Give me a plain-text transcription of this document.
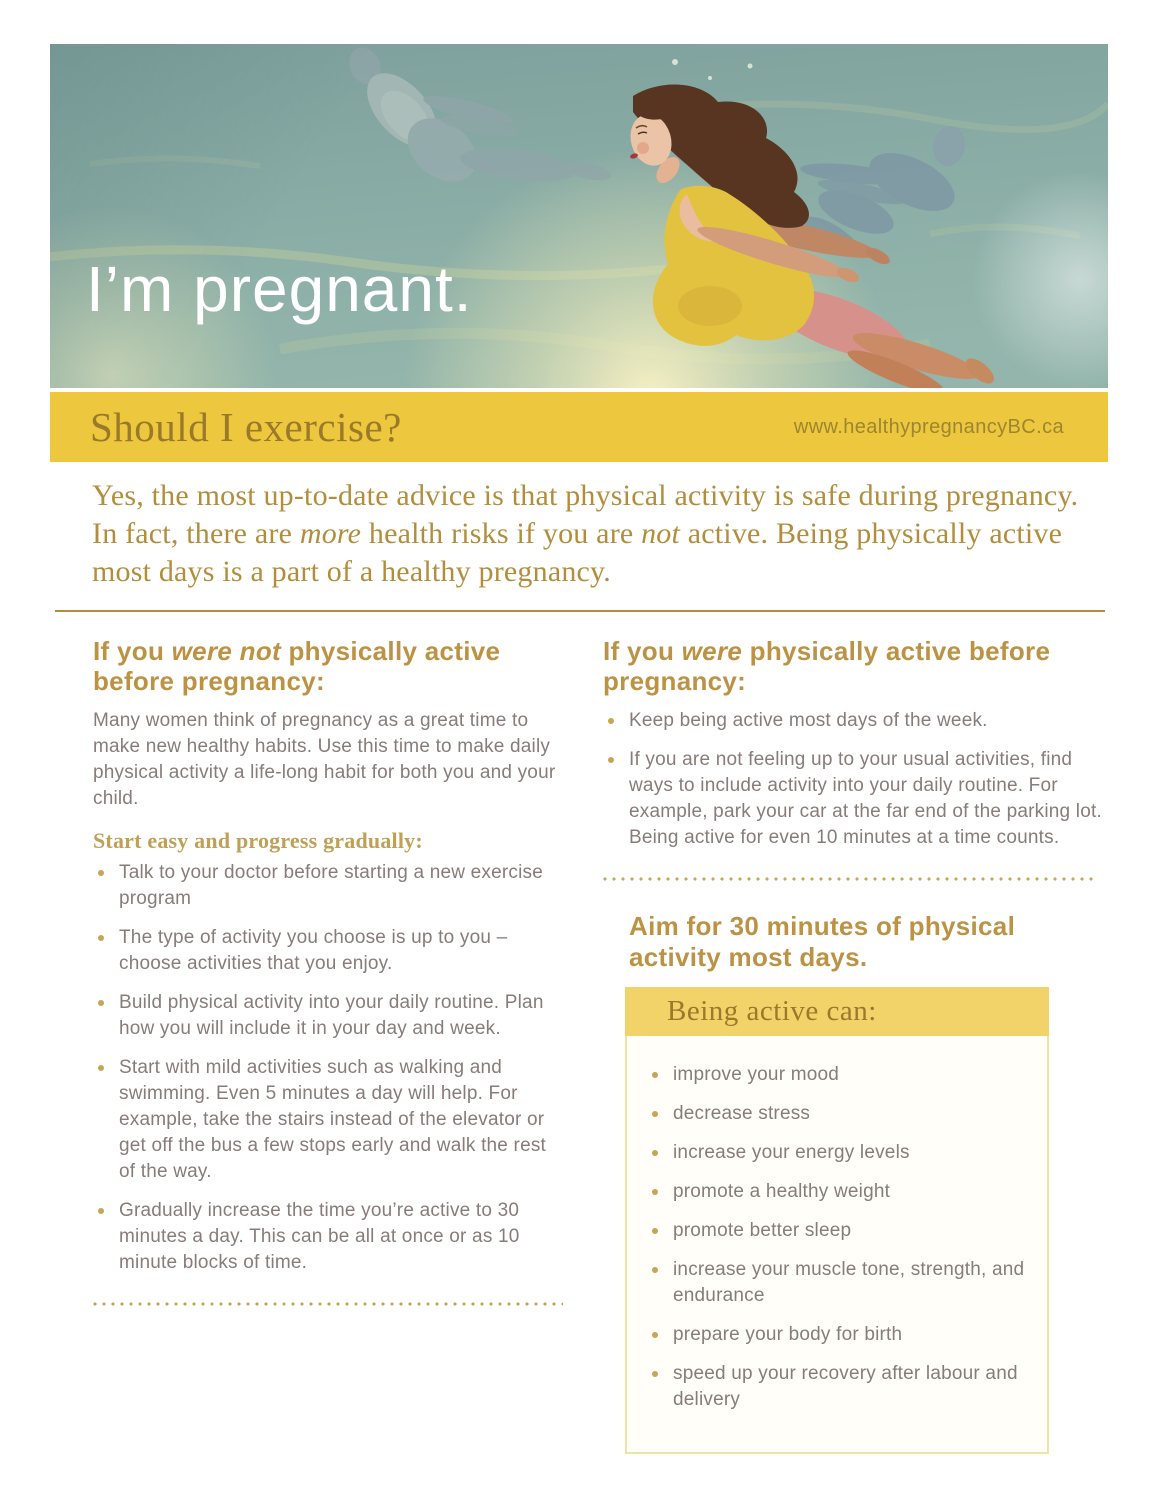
I’m pregnant.
Should I exercise?	www.healthypregnancyBC.ca

Yes, the most up-to-date advice is that physical activity is safe during pregnancy. In fact, there are more health risks if you are not active. Being physically active most days is a part of a healthy pregnancy.

If you were not physically active before pregnancy:

Many women think of pregnancy as a great time to make new healthy habits. Use this time to make daily physical activity a life-long habit for both you and your child.

Start easy and progress gradually:
Talk to your doctor before starting a new exercise program
The type of activity you choose is up to you – choose activities that you enjoy.
Build physical activity into your daily routine. Plan how you will include it in your day and week.
Start with mild activities such as walking and swimming. Even 5 minutes a day will help. For example, take the stairs instead of the elevator or get off the bus a few stops early and walk the rest of the way.
Gradually increase the time you’re active to 30 minutes a day. This can be all at once or as 10 minute blocks of time.
If you were physically active before pregnancy:
Keep being active most days of the week.
If you are not feeling up to your usual activities, find ways to include activity into your daily routine. For example, park your car at the far end of the parking lot. Being active for even 10 minutes at a time counts.
Aim for 30 minutes of physical activity most days.
Being active can:
improve your mood
decrease stress
increase your energy levels
promote a healthy weight
promote better sleep
increase your muscle tone, strength, and endurance
prepare your body for birth
speed up your recovery after labour and delivery
